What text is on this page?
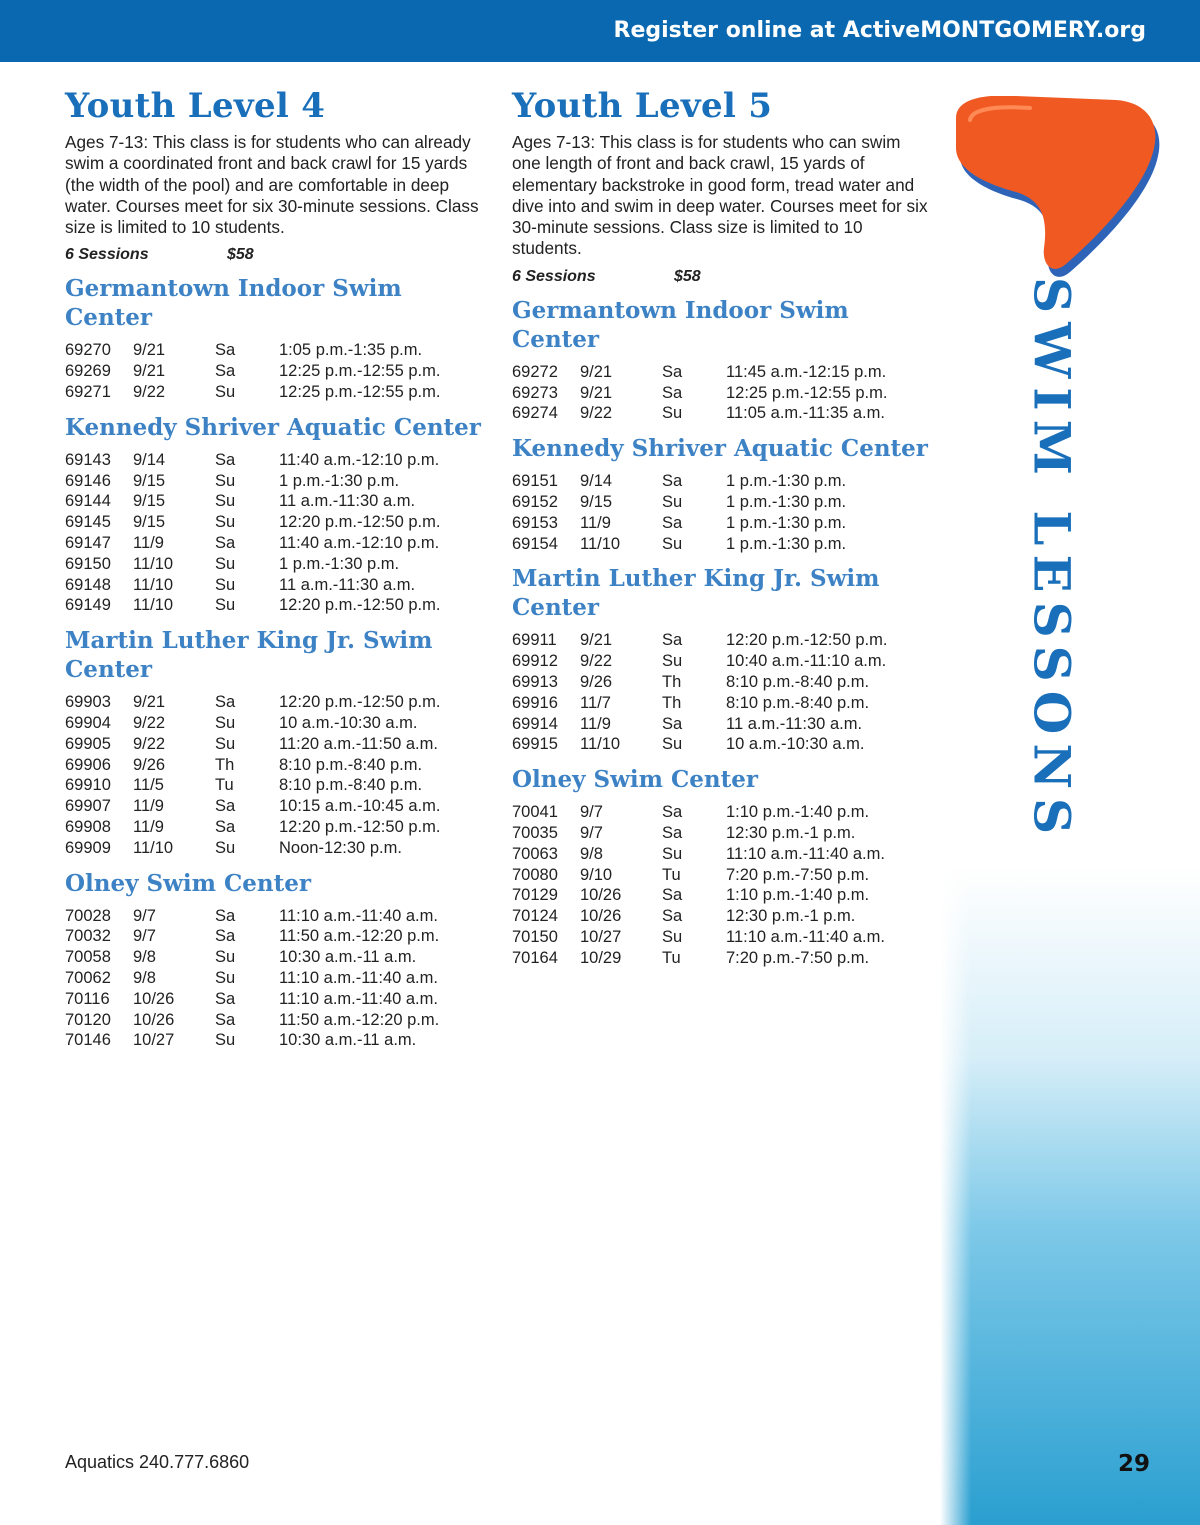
Register online at ActiveMONTGOMERY.org
SWIM LESSONS
Youth Level 4

Ages 7-13: This class is for students who can already swim a coordinated front and back crawl for 15 yards (the width of the pool) and are comfortable in deep water. Courses meet for six 30-minute sessions. Class size is limited to 10 students.

6 Sessions	$58
Germantown Indoor Swim Center
69270	9/21	Sa	1:05 p.m.-1:35 p.m.
69269	9/21	Sa	12:25 p.m.-12:55 p.m.
69271	9/22	Su	12:25 p.m.-12:55 p.m.
Kennedy Shriver Aquatic Center
69143	9/14	Sa	11:40 a.m.-12:10 p.m.
69146	9/15	Su	1 p.m.-1:30 p.m.
69144	9/15	Su	11 a.m.-11:30 a.m.
69145	9/15	Su	12:20 p.m.-12:50 p.m.
69147	11/9	Sa	11:40 a.m.-12:10 p.m.
69150	11/10	Su	1 p.m.-1:30 p.m.
69148	11/10	Su	11 a.m.-11:30 a.m.
69149	11/10	Su	12:20 p.m.-12:50 p.m.
Martin Luther King Jr. Swim Center
69903	9/21	Sa	12:20 p.m.-12:50 p.m.
69904	9/22	Su	10 a.m.-10:30 a.m.
69905	9/22	Su	11:20 a.m.-11:50 a.m.
69906	9/26	Th	8:10 p.m.-8:40 p.m.
69910	11/5	Tu	8:10 p.m.-8:40 p.m.
69907	11/9	Sa	10:15 a.m.-10:45 a.m.
69908	11/9	Sa	12:20 p.m.-12:50 p.m.
69909	11/10	Su	Noon-12:30 p.m.
Olney Swim Center
70028	9/7	Sa	11:10 a.m.-11:40 a.m.
70032	9/7	Sa	11:50 a.m.-12:20 p.m.
70058	9/8	Su	10:30 a.m.-11 a.m.
70062	9/8	Su	11:10 a.m.-11:40 a.m.
70116	10/26	Sa	11:10 a.m.-11:40 a.m.
70120	10/26	Sa	11:50 a.m.-12:20 p.m.
70146	10/27	Su	10:30 a.m.-11 a.m.
Youth Level 5

Ages 7-13: This class is for students who can swim one length of front and back crawl, 15 yards of elementary backstroke in good form, tread water and dive into and swim in deep water. Courses meet for six 30-minute sessions. Class size is limited to 10 students.

6 Sessions	$58
Germantown Indoor Swim Center
69272	9/21	Sa	11:45 a.m.-12:15 p.m.
69273	9/21	Sa	12:25 p.m.-12:55 p.m.
69274	9/22	Su	11:05 a.m.-11:35 a.m.
Kennedy Shriver Aquatic Center
69151	9/14	Sa	1 p.m.-1:30 p.m.
69152	9/15	Su	1 p.m.-1:30 p.m.
69153	11/9	Sa	1 p.m.-1:30 p.m.
69154	11/10	Su	1 p.m.-1:30 p.m.
Martin Luther King Jr. Swim Center
69911	9/21	Sa	12:20 p.m.-12:50 p.m.
69912	9/22	Su	10:40 a.m.-11:10 a.m.
69913	9/26	Th	8:10 p.m.-8:40 p.m.
69916	11/7	Th	8:10 p.m.-8:40 p.m.
69914	11/9	Sa	11 a.m.-11:30 a.m.
69915	11/10	Su	10 a.m.-10:30 a.m.
Olney Swim Center
70041	9/7	Sa	1:10 p.m.-1:40 p.m.
70035	9/7	Sa	12:30 p.m.-1 p.m.
70063	9/8	Su	11:10 a.m.-11:40 a.m.
70080	9/10	Tu	7:20 p.m.-7:50 p.m.
70129	10/26	Sa	1:10 p.m.-1:40 p.m.
70124	10/26	Sa	12:30 p.m.-1 p.m.
70150	10/27	Su	11:10 a.m.-11:40 a.m.
70164	10/29	Tu	7:20 p.m.-7:50 p.m.
Aquatics 240.777.6860	29
